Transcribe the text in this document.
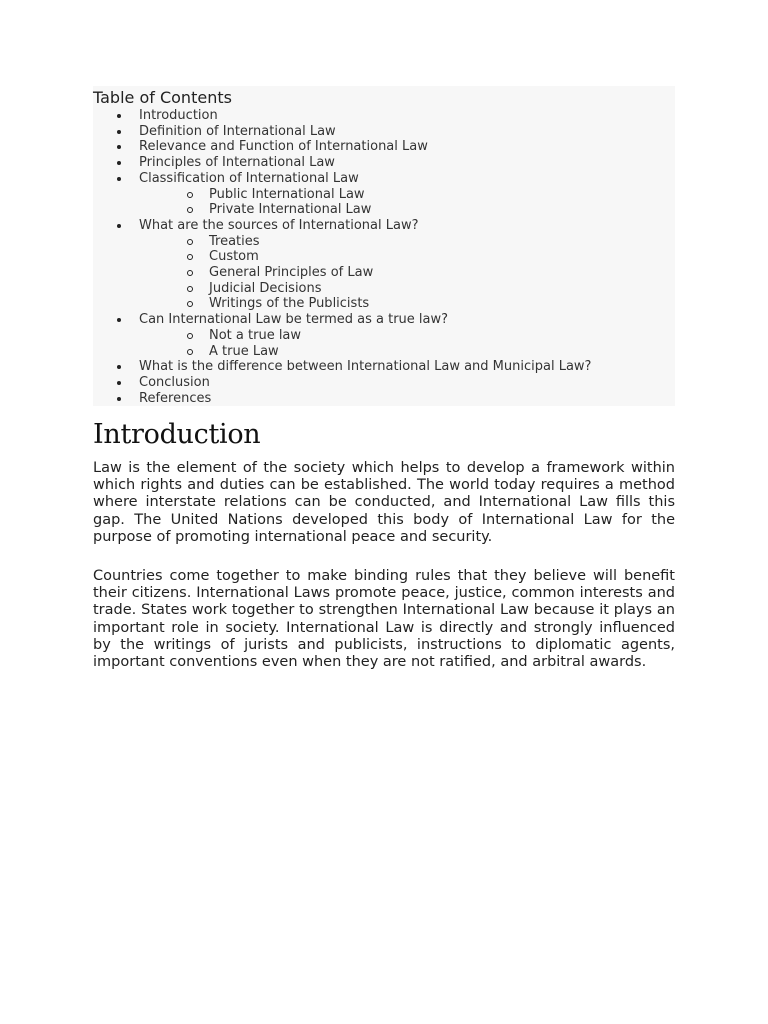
Table of Contents
Introduction
Definition of International Law
Relevance and Function of International Law
Principles of International Law
Classification of International Law
Public International Law
Private International Law
What are the sources of International Law?
Treaties
Custom
General Principles of Law
Judicial Decisions
Writings of the Publicists
Can International Law be termed as a true law?
Not a true law
A true Law
What is the difference between International Law and Municipal Law?
Conclusion
References
Introduction

Law is the element of the society which helps to develop a framework within which rights and duties can be established. The world today requires a method where interstate relations can be conducted, and International Law fills this gap. The United Nations developed this body of International Law for the purpose of promoting international peace and security.

Countries come together to make binding rules that they believe will benefit their citizens. International Laws promote peace, justice, common interests and trade. States work together to strengthen International Law because it plays an important role in society. International Law is directly and strongly influenced by the writings of jurists and publicists, instructions to diplomatic agents, important conventions even when they are not ratified, and arbitral awards.
